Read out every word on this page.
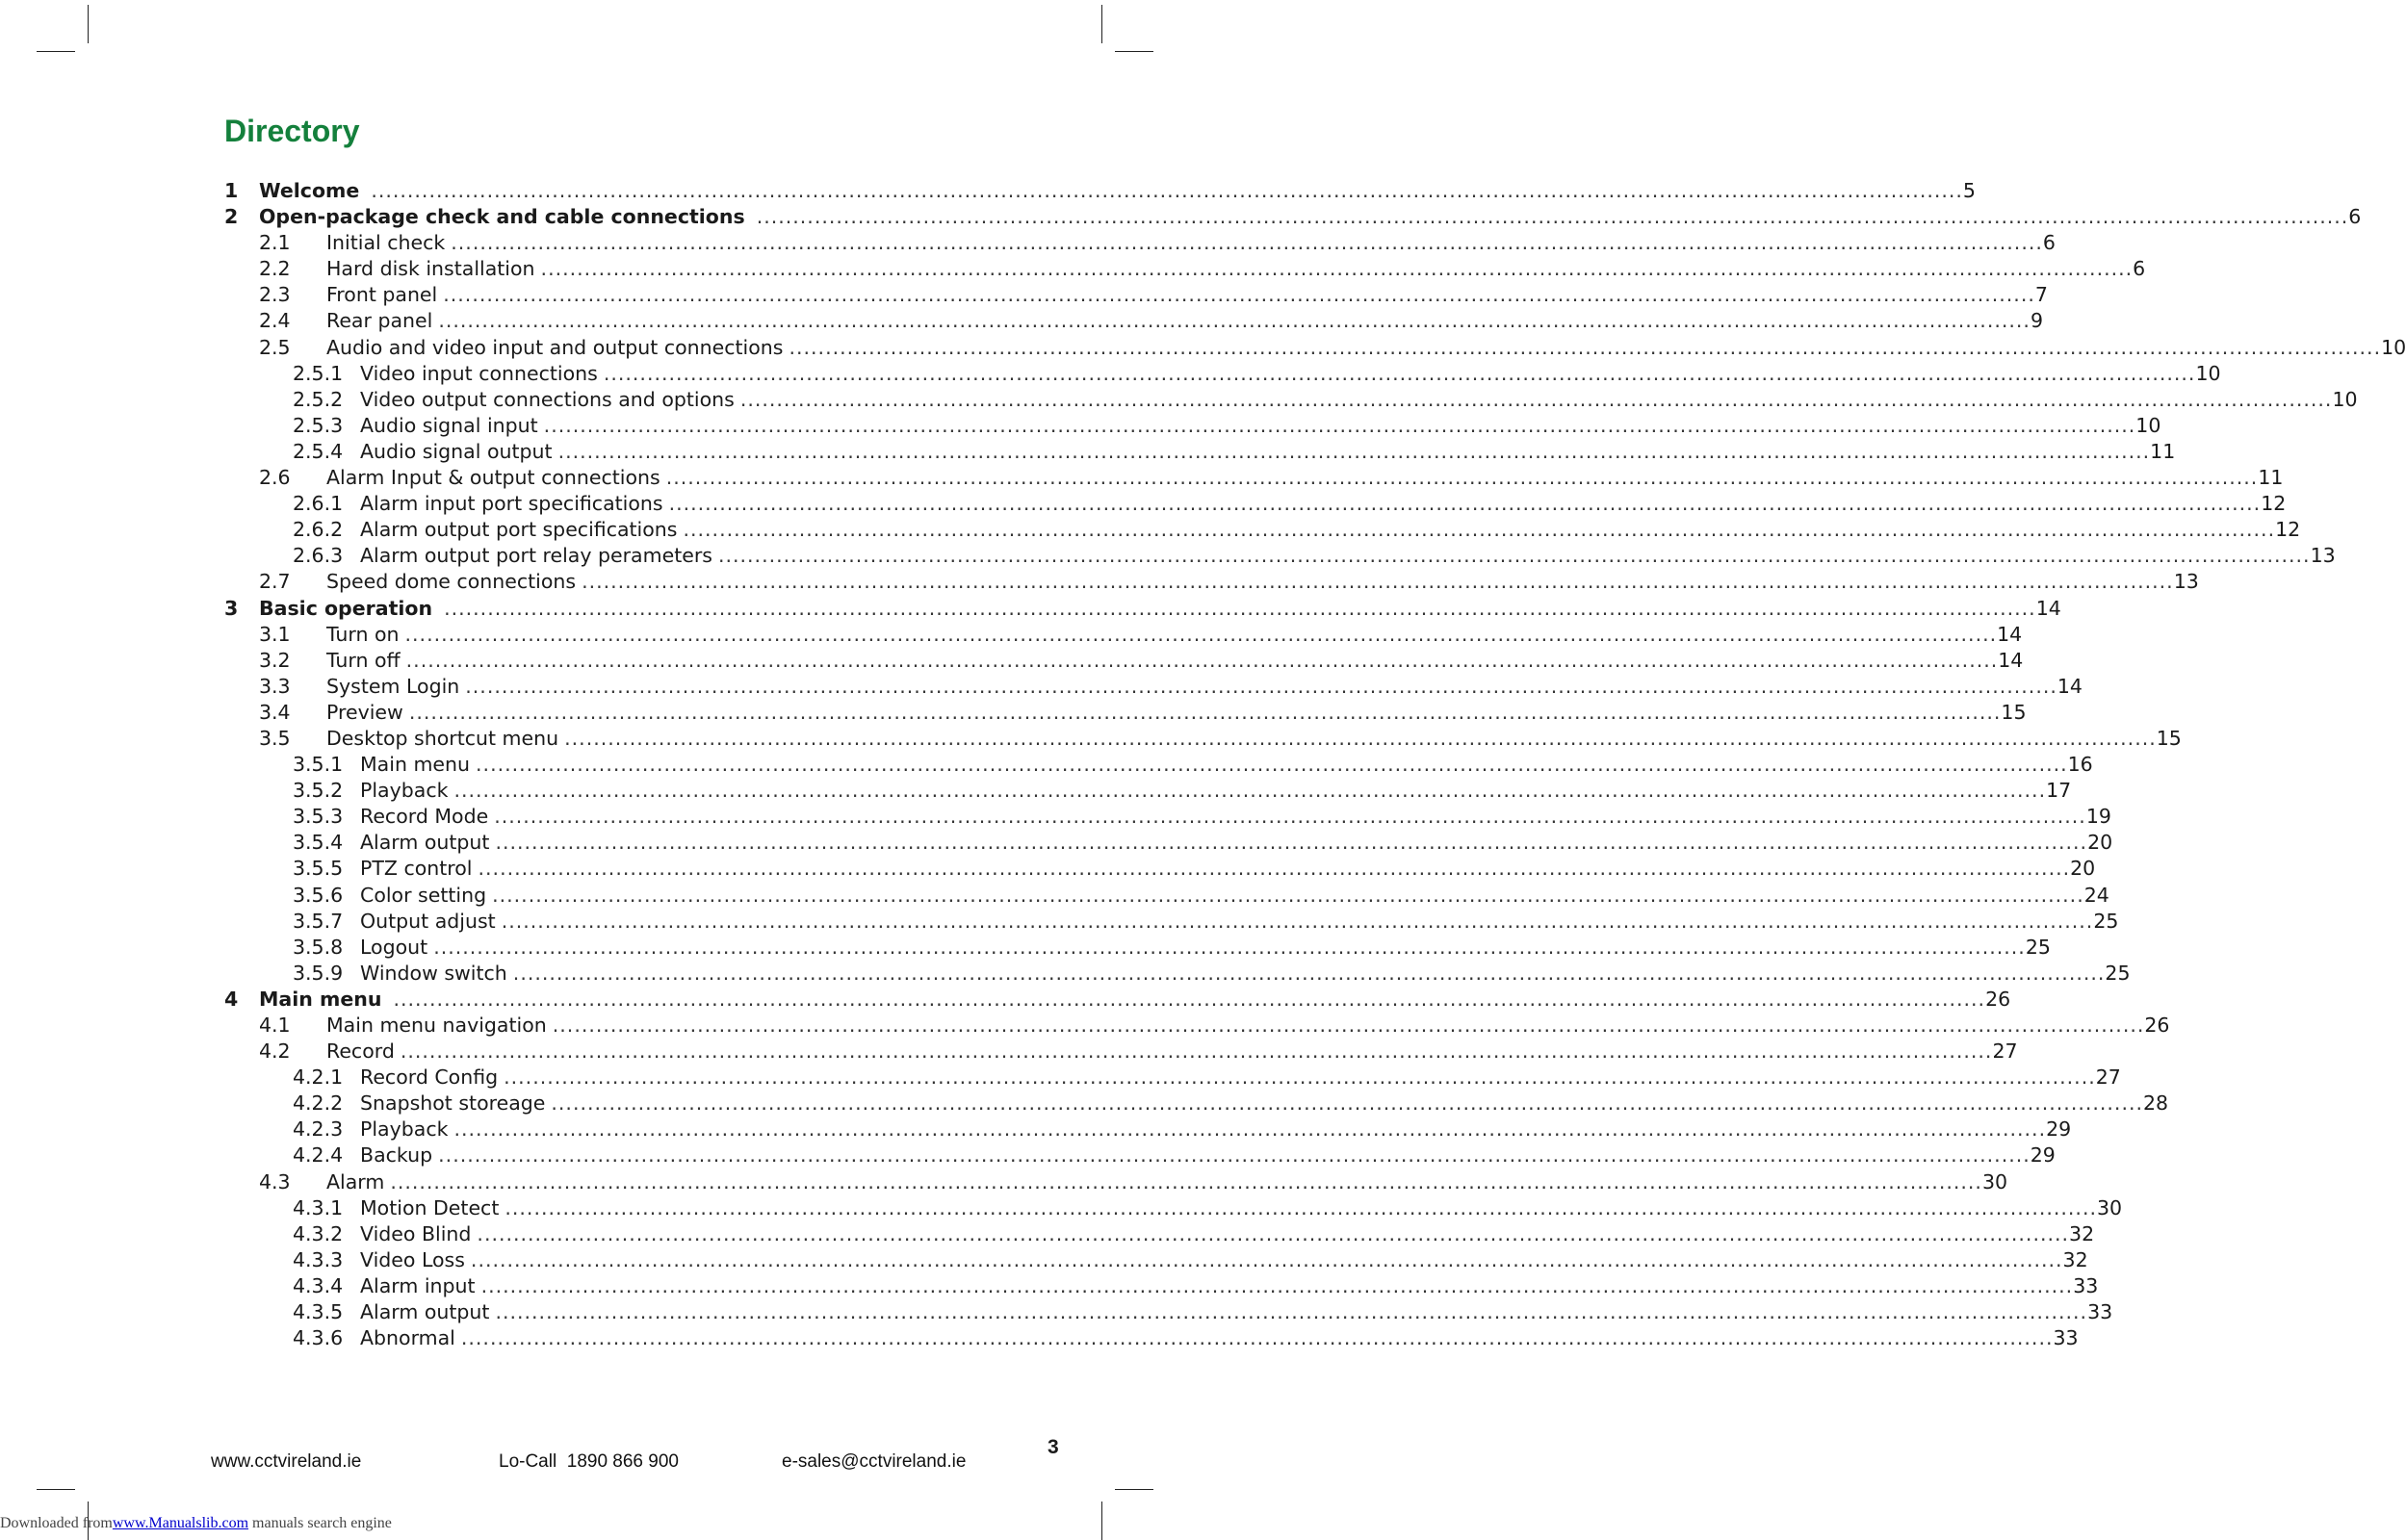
Directory
1	Welcome ............................................................................................................................................................................................................................ 5
2	Open-package check and cable connections ............................................................................................................................................................................................................................ 6
2.1	Initial check ............................................................................................................................................................................................................................ 6
2.2	Hard disk installation ............................................................................................................................................................................................................................ 6
2.3	Front panel ............................................................................................................................................................................................................................ 7
2.4	Rear panel ............................................................................................................................................................................................................................ 9
2.5	Audio and video input and output connections ............................................................................................................................................................................................................................ 10
2.5.1 Video input connections ............................................................................................................................................................................................................................ 10
2.5.2 Video output connections and options ............................................................................................................................................................................................................................ 10
2.5.3 Audio signal input ............................................................................................................................................................................................................................ 10
2.5.4 Audio signal output ............................................................................................................................................................................................................................ 11
2.6	Alarm Input & output connections ............................................................................................................................................................................................................................ 11
2.6.1 Alarm input port specifications ............................................................................................................................................................................................................................ 12
2.6.2 Alarm output port specifications ............................................................................................................................................................................................................................ 12
2.6.3 Alarm output port relay perameters ............................................................................................................................................................................................................................ 13
2.7	Speed dome connections ............................................................................................................................................................................................................................ 13
3	Basic operation ............................................................................................................................................................................................................................ 14
3.1	Turn on ............................................................................................................................................................................................................................ 14
3.2	Turn off ............................................................................................................................................................................................................................ 14
3.3	System Login ............................................................................................................................................................................................................................ 14
3.4	Preview ............................................................................................................................................................................................................................ 15
3.5	Desktop shortcut menu ............................................................................................................................................................................................................................ 15
3.5.1 Main menu ............................................................................................................................................................................................................................ 16
3.5.2 Playback ............................................................................................................................................................................................................................ 17
3.5.3 Record Mode ............................................................................................................................................................................................................................ 19
3.5.4 Alarm output ............................................................................................................................................................................................................................ 20
3.5.5 PTZ control ............................................................................................................................................................................................................................ 20
3.5.6 Color setting ............................................................................................................................................................................................................................ 24
3.5.7 Output adjust ............................................................................................................................................................................................................................ 25
3.5.8 Logout ............................................................................................................................................................................................................................ 25
3.5.9 Window switch ............................................................................................................................................................................................................................ 25
4	Main menu ............................................................................................................................................................................................................................ 26
4.1	Main menu navigation ............................................................................................................................................................................................................................ 26
4.2	Record ............................................................................................................................................................................................................................ 27
4.2.1 Record Config ............................................................................................................................................................................................................................ 27
4.2.2 Snapshot storeage ............................................................................................................................................................................................................................ 28
4.2.3 Playback ............................................................................................................................................................................................................................ 29
4.2.4 Backup ............................................................................................................................................................................................................................ 29
4.3	Alarm ............................................................................................................................................................................................................................ 30
4.3.1 Motion Detect ............................................................................................................................................................................................................................ 30
4.3.2 Video Blind ............................................................................................................................................................................................................................ 32
4.3.3 Video Loss ............................................................................................................................................................................................................................ 32
4.3.4 Alarm input ............................................................................................................................................................................................................................ 33
4.3.5 Alarm output ............................................................................................................................................................................................................................ 33
4.3.6 Abnormal ............................................................................................................................................................................................................................ 33
3
www.cctvireland.ie	Lo-Call  1890 866 900	e-sales@cctvireland.ie
Downloaded fromwww.Manualslib.com manuals search engine
